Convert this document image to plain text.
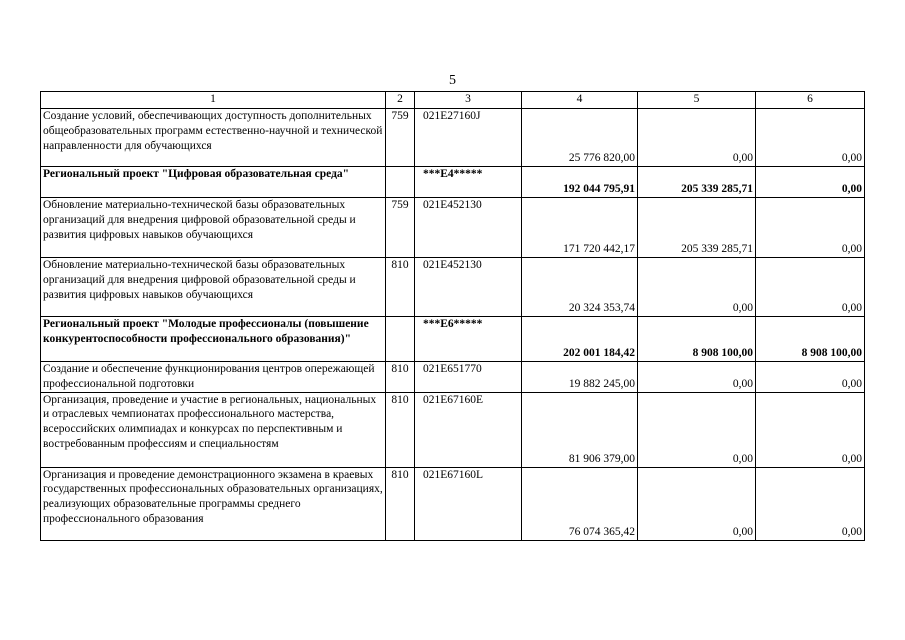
5
1	2	3	4	5	6
Создание условий, обеспечивающих доступность дополнительных общеобразовательных программ естественно-научной и технической направленности для обучающихся	759	021E27160J	25 776 820,00	0,00	0,00
Региональный проект "Цифровая образовательная среда"		***E4*****	192 044 795,91	205 339 285,71	0,00
Обновление материально-технической базы образовательных организаций для внедрения цифровой образовательной среды и развития цифровых навыков обучающихся	759	021E452130	171 720 442,17	205 339 285,71	0,00
Обновление материально-технической базы образовательных организаций для внедрения цифровой образовательной среды и развития цифровых навыков обучающихся	810	021E452130	20 324 353,74	0,00	0,00
Региональный проект "Молодые профессионалы (повышение конкурентоспособности профессионального образования)"		***E6*****	202 001 184,42	8 908 100,00	8 908 100,00
Создание и обеспечение функционирования центров опережающей профессиональной подготовки	810	021E651770	19 882 245,00	0,00	0,00
Организация, проведение и участие в региональных, национальных и отраслевых чемпионатах профессионального мастерства, всероссийских олимпиадах и конкурсах по перспективным и востребованным профессиям и специальностям	810	021E67160E	81 906 379,00	0,00	0,00
Организация и проведение демонстрационного экзамена в краевых государственных профессиональных образовательных организациях, реализующих образовательные программы среднего профессионального образования	810	021E67160L	76 074 365,42	0,00	0,00
